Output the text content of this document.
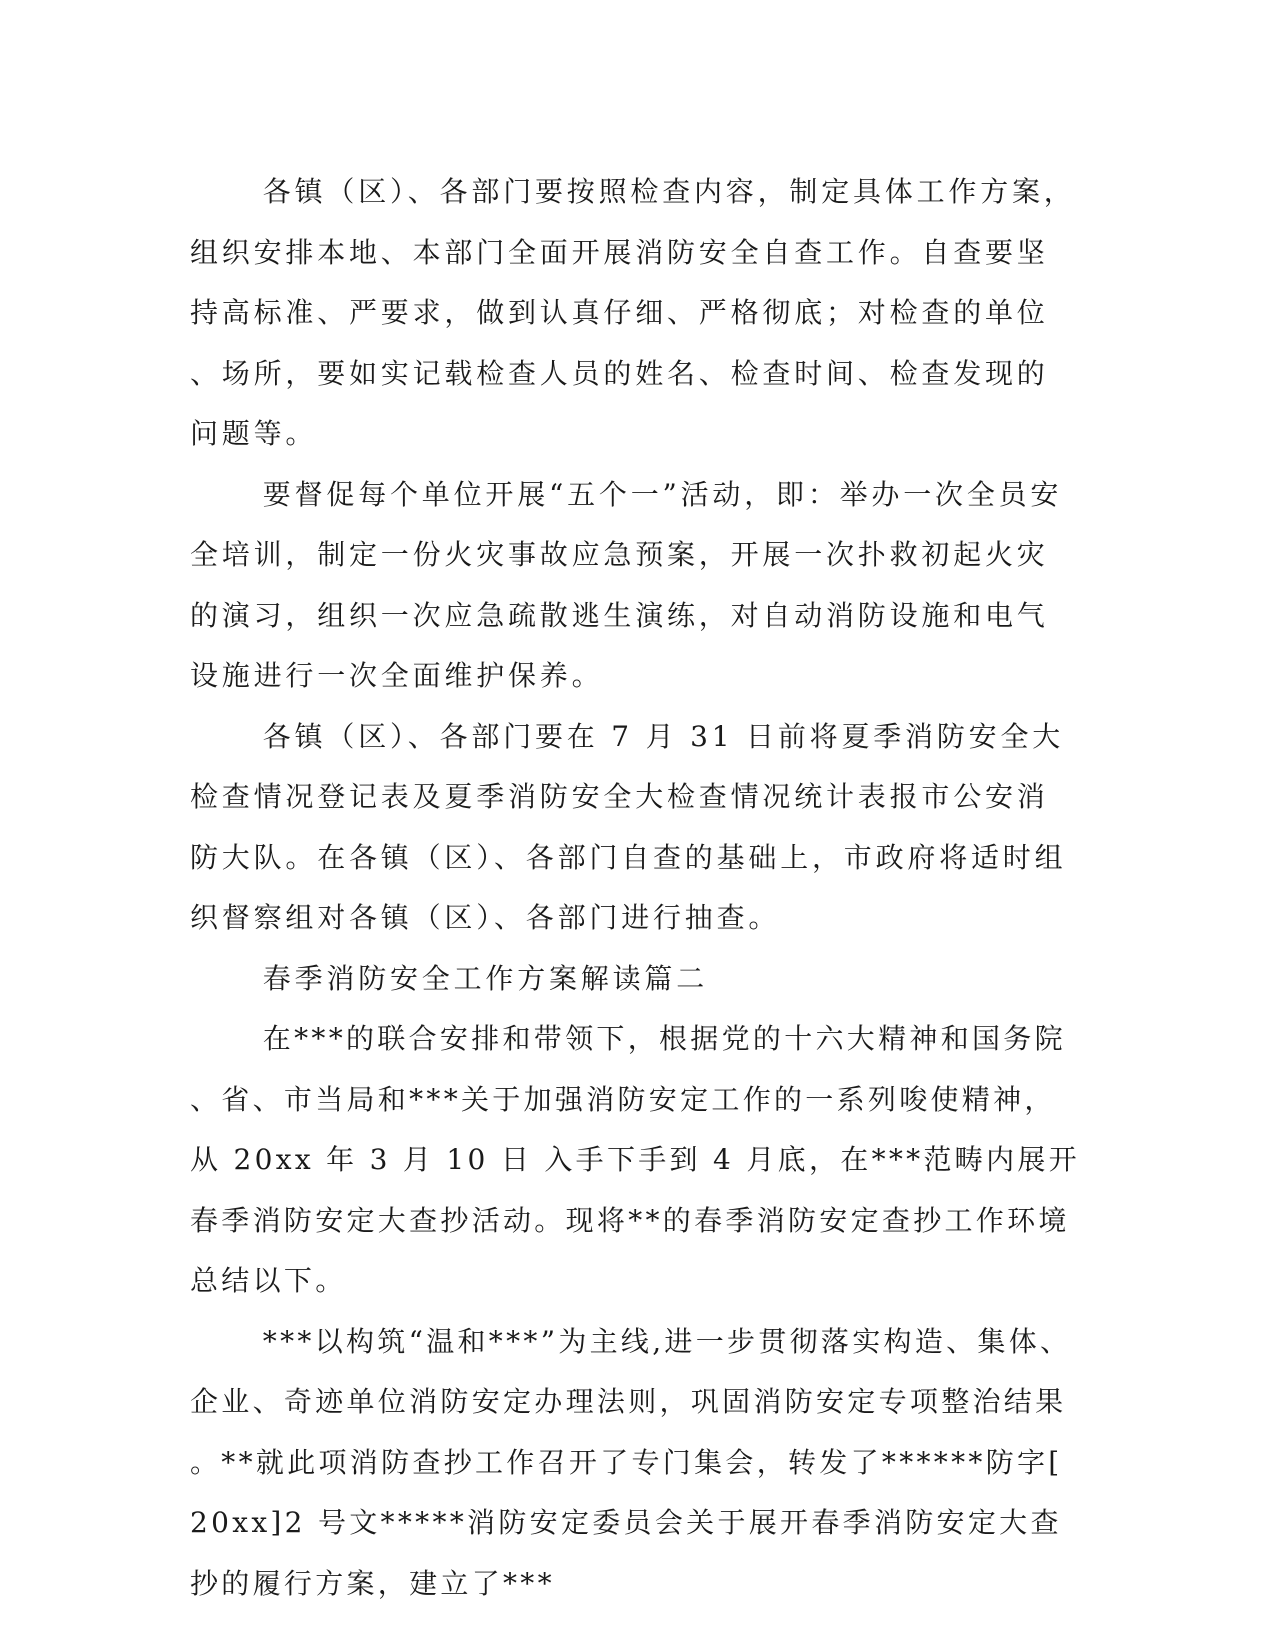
各镇（区）、各部门要按照检查内容，制定具体工作方案，组织安排本地、本部门全面开展消防安全自查工作。自查要坚持高标准、严要求，做到认真仔细、严格彻底；对检查的单位、场所，要如实记载检查人员的姓名、检查时间、检查发现的问题等。

要督促每个单位开展“五个一”活动，即：举办一次全员安全培训，制定一份火灾事故应急预案，开展一次扑救初起火灾的演习，组织一次应急疏散逃生演练，对自动消防设施和电气设施进行一次全面维护保养。

各镇（区）、各部门要在 7 月 31 日前将夏季消防安全大检查情况登记表及夏季消防安全大检查情况统计表报市公安消防大队。在各镇（区）、各部门自查的基础上，市政府将适时组织督察组对各镇（区）、各部门进行抽查。

春季消防安全工作方案解读篇二

在***的联合安排和带领下，根据党的十六大精神和国务院、省、市当局和***关于加强消防安定工作的一系列唆使精神，从 20xx 年 3 月 10 日 入手下手到 4 月底，在***范畴内展开春季消防安定大查抄活动。现将**的春季消防安定查抄工作环境总结以下。

***以构筑“温和***”为主线,进一步贯彻落实构造、集体、企业、奇迹单位消防安定办理法则，巩固消防安定专项整治结果。**就此项消防查抄工作召开了专门集会，转发了******防字[20xx]2 号文*****消防安定委员会关于展开春季消防安定大查抄的履行方案，建立了***
